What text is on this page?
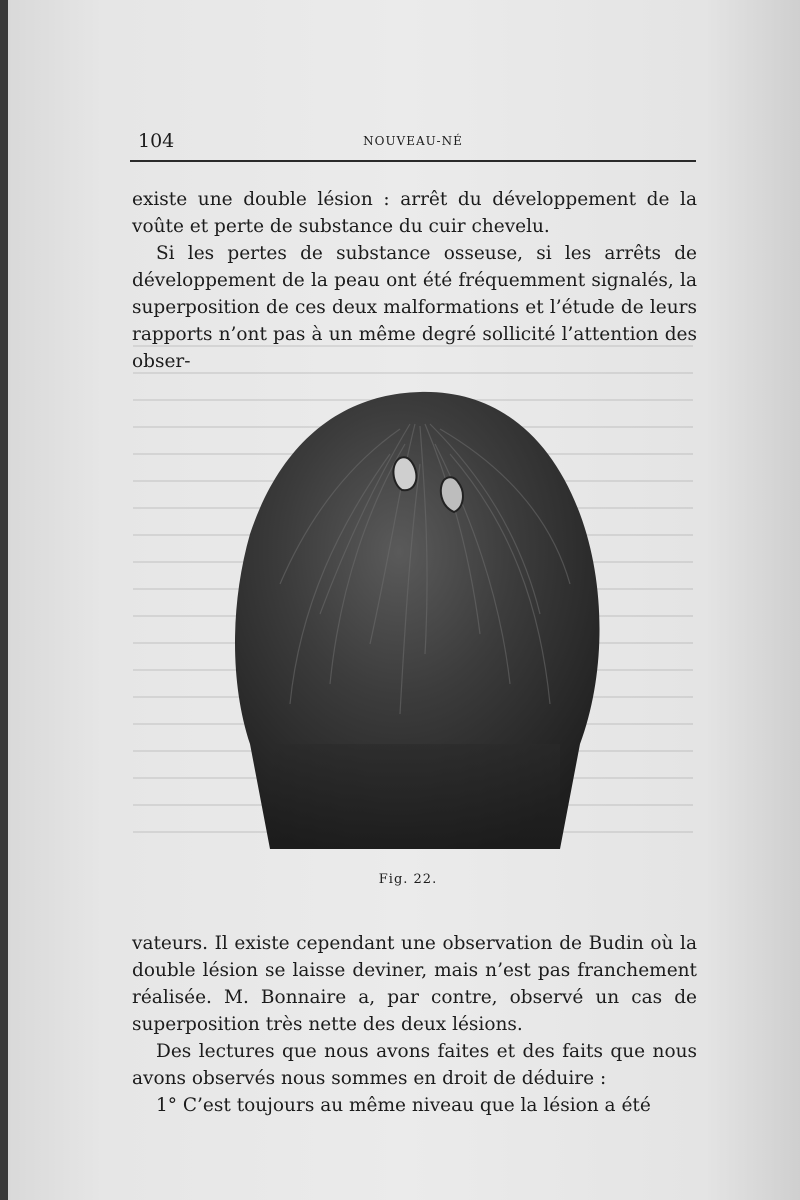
104	NOUVEAU-NÉ

existe une double lésion : arrêt du développement de la voûte et perte de substance du cuir chevelu.

Si les pertes de substance osseuse, si les arrêts de développement de la peau ont été fréquemment signalés, la superposition de ces deux malformations et l’étude de leurs rapports n’ont pas à un même degré sollicité l’attention des obser-

Fig. 22.

vateurs. Il existe cependant une observation de Budin où la double lésion se laisse deviner, mais n’est pas franchement réalisée. M. Bonnaire a, par contre, observé un cas de superposition très nette des deux lésions.

Des lectures que nous avons faites et des faits que nous avons observés nous sommes en droit de déduire :

1° C’est toujours au même niveau que la lésion a été
